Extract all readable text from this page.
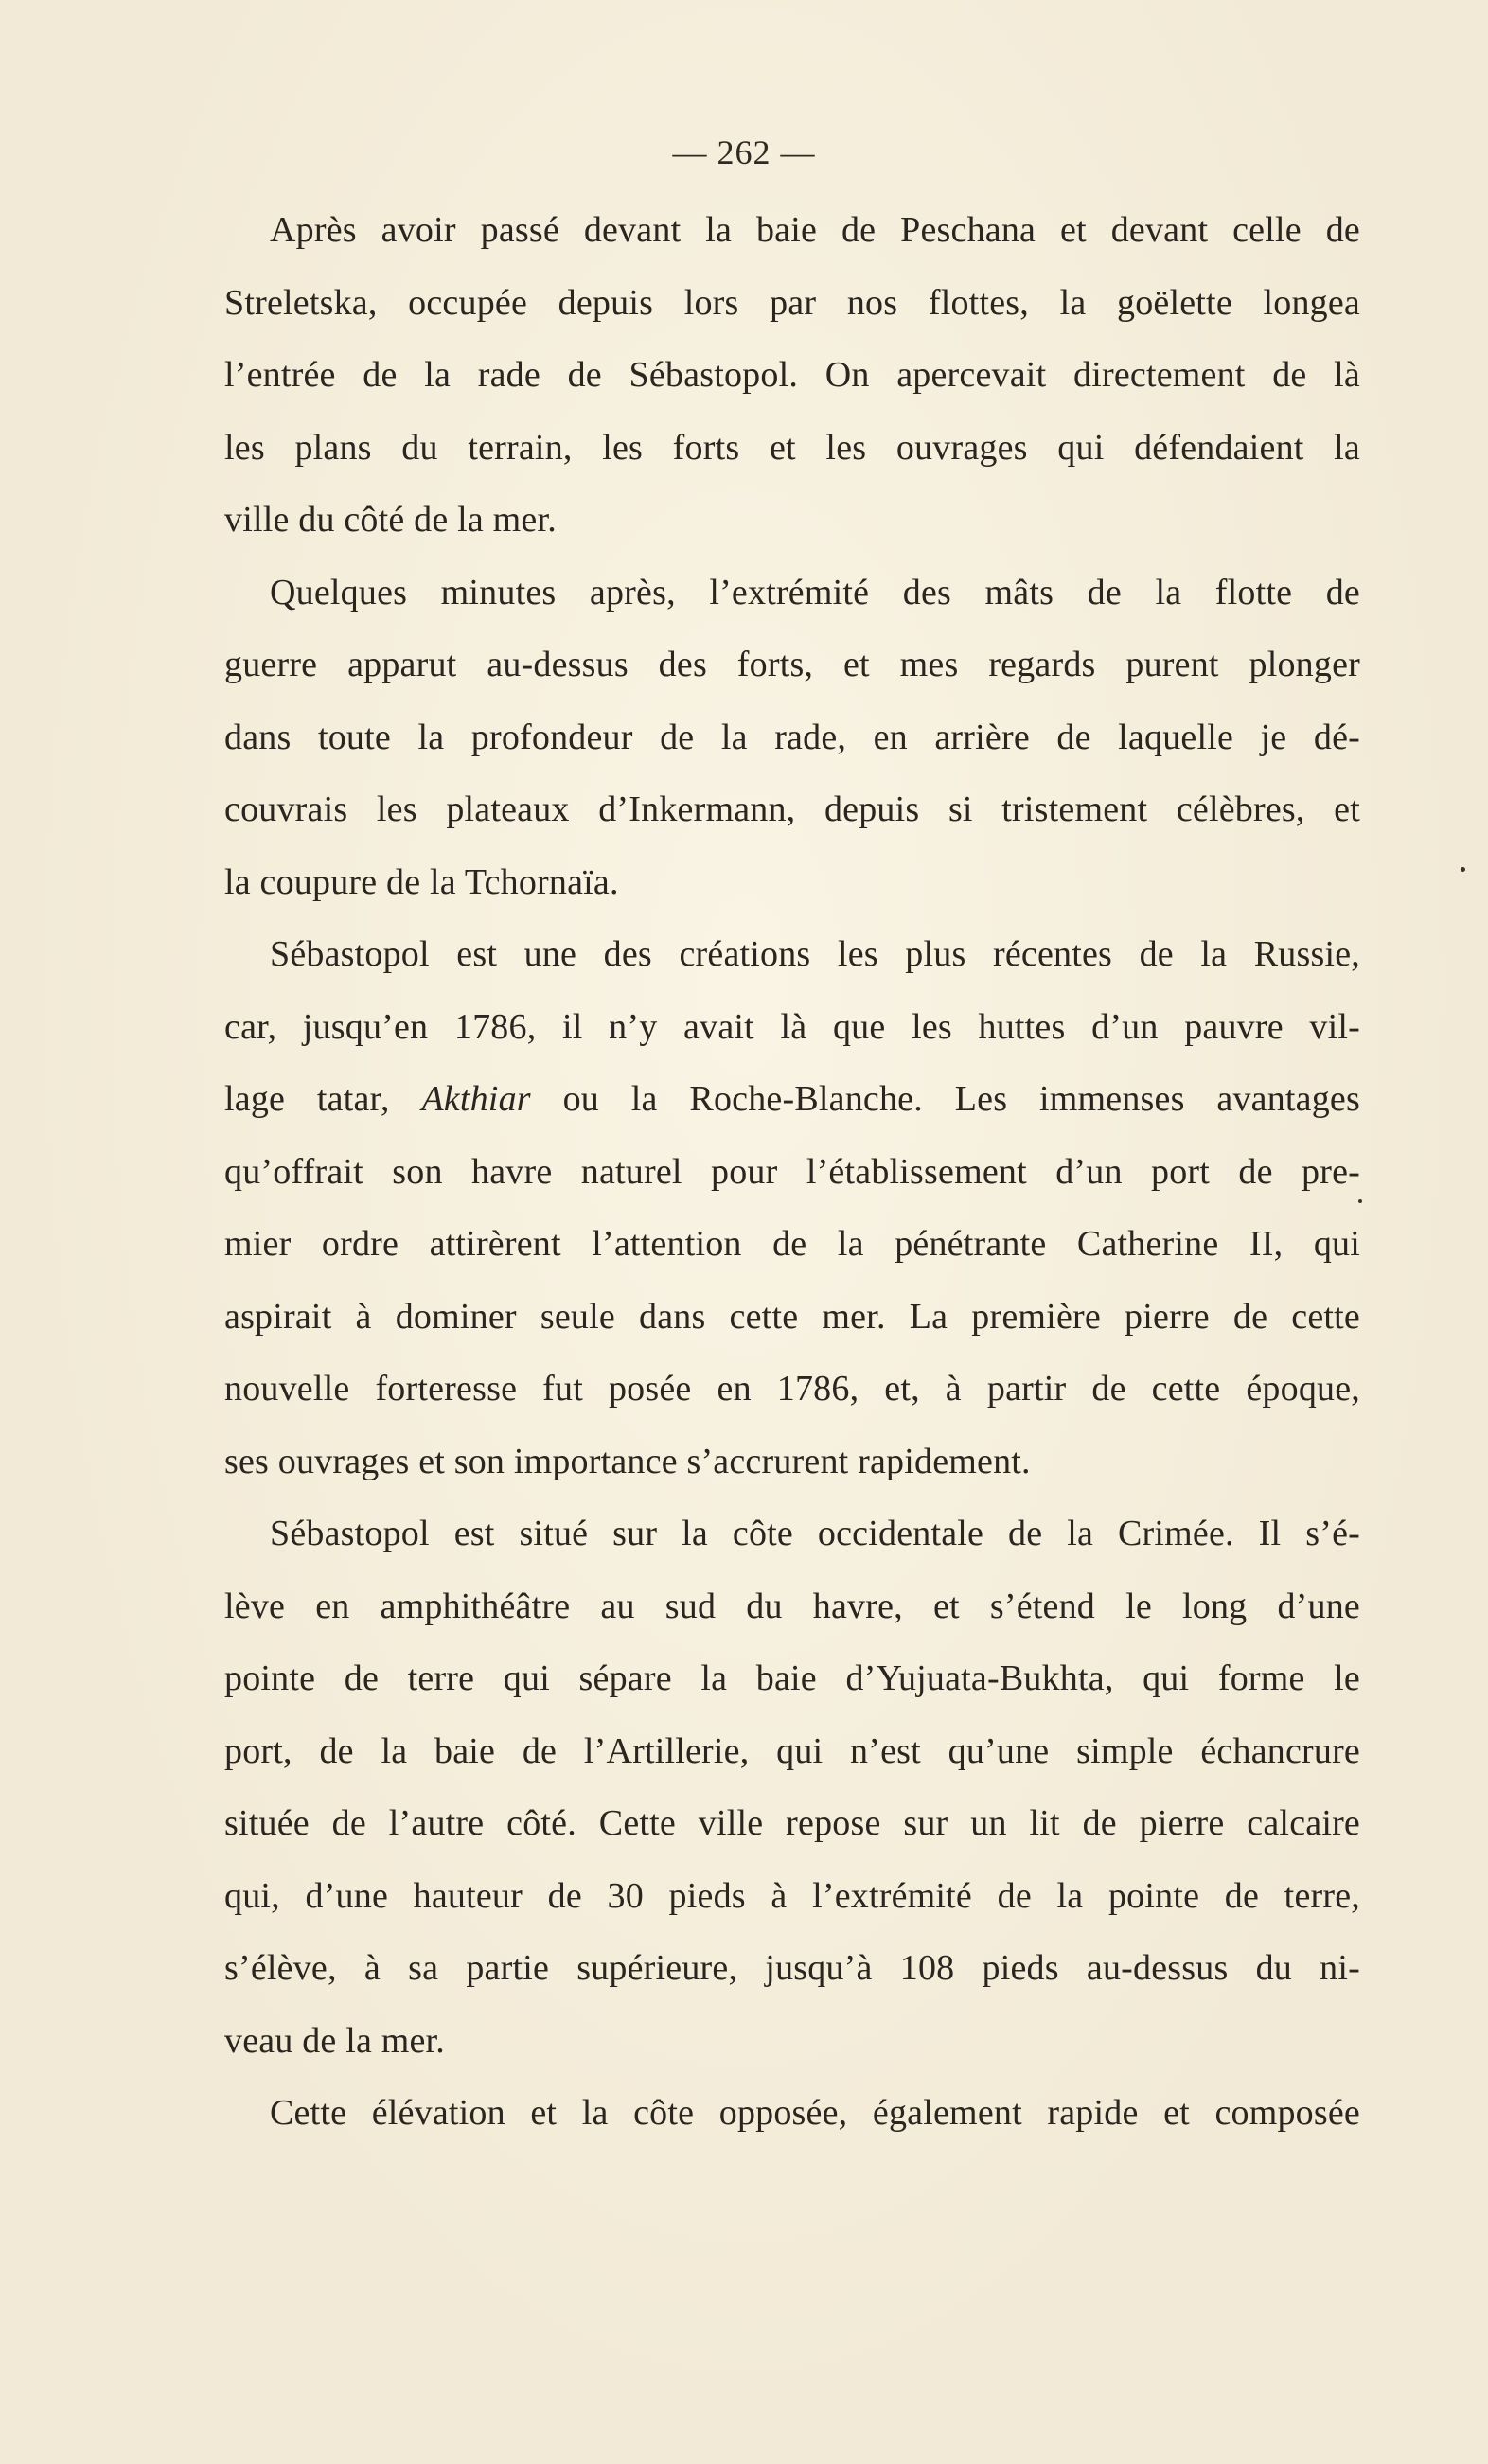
— 262 —
Après avoir passé devant la baie de Peschana et devant celle de
Streletska, occupée depuis lors par nos flottes, la goëlette longea
l’entrée de la rade de Sébastopol. On apercevait directement de là
les plans du terrain, les forts et les ouvrages qui défendaient la
ville du côté de la mer.
Quelques minutes après, l’extrémité des mâts de la flotte de
guerre apparut au-dessus des forts, et mes regards purent plonger
dans toute la profondeur de la rade, en arrière de laquelle je dé-
couvrais les plateaux d’Inkermann, depuis si tristement célèbres, et
la coupure de la Tchornaïa.
Sébastopol est une des créations les plus récentes de la Russie,
car, jusqu’en 1786, il n’y avait là que les huttes d’un pauvre vil-
lage tatar, Akthiar ou la Roche-Blanche. Les immenses avantages
qu’offrait son havre naturel pour l’établissement d’un port de pre-
mier ordre attirèrent l’attention de la pénétrante Catherine II, qui
aspirait à dominer seule dans cette mer. La première pierre de cette
nouvelle forteresse fut posée en 1786, et, à partir de cette époque,
ses ouvrages et son importance s’accrurent rapidement.
Sébastopol est situé sur la côte occidentale de la Crimée. Il s’é-
lève en amphithéâtre au sud du havre, et s’étend le long d’une
pointe de terre qui sépare la baie d’Yujuata-Bukhta, qui forme le
port, de la baie de l’Artillerie, qui n’est qu’une simple échancrure
située de l’autre côté. Cette ville repose sur un lit de pierre calcaire
qui, d’une hauteur de 30 pieds à l’extrémité de la pointe de terre,
s’élève, à sa partie supérieure, jusqu’à 108 pieds au-dessus du ni-
veau de la mer.
Cette élévation et la côte opposée, également rapide et composée
